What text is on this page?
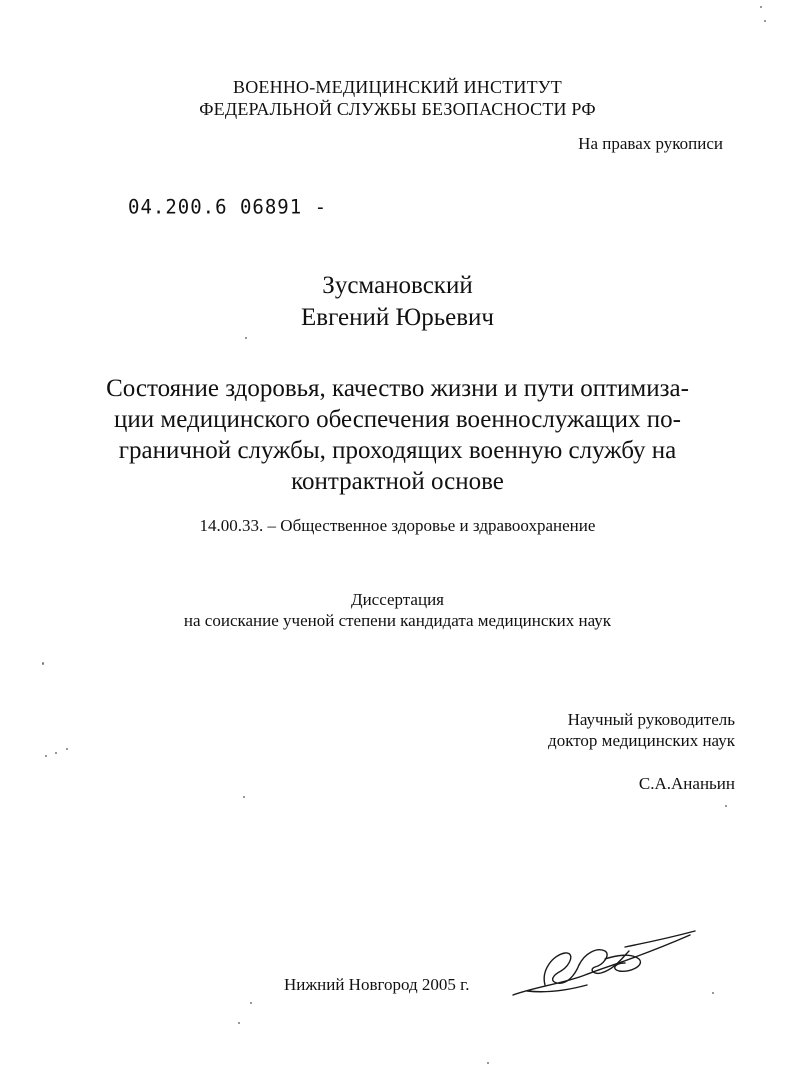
ВОЕННО-МЕДИЦИНСКИЙ ИНСТИТУТ
ФЕДЕРАЛЬНОЙ СЛУЖБЫ БЕЗОПАСНОСТИ РФ
На правах рукописи
04.200.6 06891 -
Зусмановский
Евгений Юрьевич
Состояние здоровья, качество жизни и пути оптимиза-
ции медицинского обеспечения военнослужащих по-
граничной службы, проходящих военную службу на
контрактной основе
14.00.33. – Общественное здоровье и здравоохранение
Диссертация
на соискание ученой степени кандидата медицинских наук
Научный руководитель
доктор медицинских наук
С.А.Ананьин
Нижний Новгород 2005 г.
